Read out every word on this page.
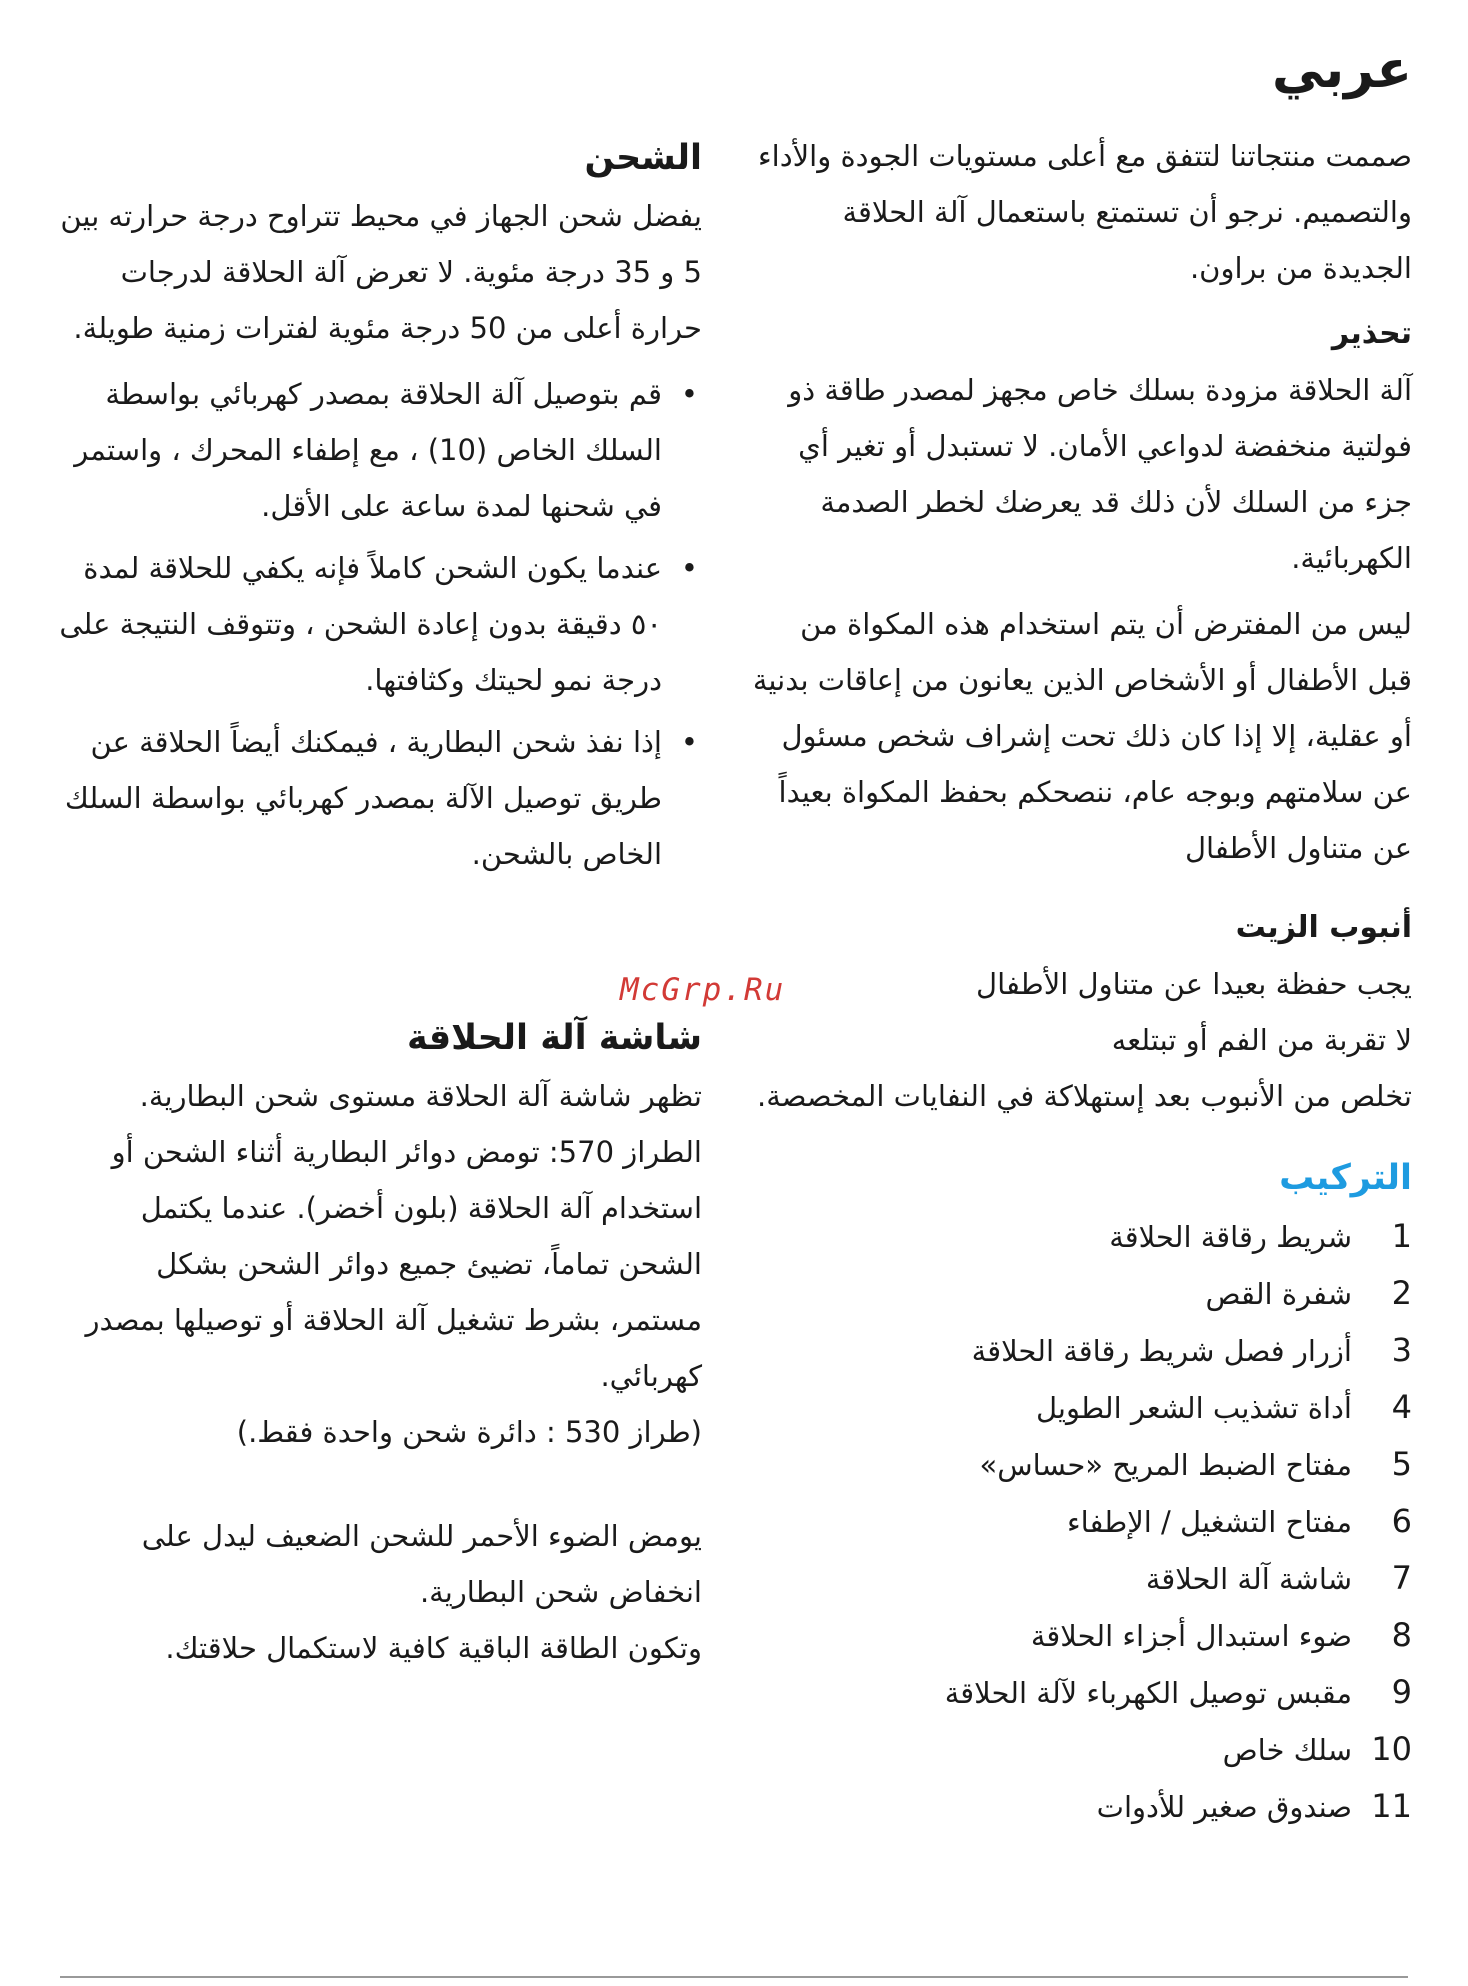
عربي

صممت منتجاتنا لتتفق مع أعلى مستويات الجودة والأداء والتصميم. نرجو أن تستمتع باستعمال آلة الحلاقة الجديدة من براون.

تحذير

آلة الحلاقة مزودة بسلك خاص مجهز لمصدر طاقة ذو فولتية منخفضة لدواعي الأمان. لا تستبدل أو تغير أي جزء من السلك لأن ذلك قد يعرضك لخطر الصدمة الكهربائية.

ليس من المفترض أن يتم استخدام هذه المكواة من قبل الأطفال أو الأشخاص الذين يعانون من إعاقات بدنية أو عقلية، إلا إذا كان ذلك تحت إشراف شخص مسئول عن سلامتهم وبوجه عام، ننصحكم بحفظ المكواة بعيداً عن متناول الأطفال

أنبوب الزيت

يجب حفظة بعيدا عن متناول الأطفال

لا تقربة من الفم أو تبتلعه

تخلص من الأنبوب بعد إستهلاكة في النفايات المخصصة.

التركيب

1
شريط رقاقة الحلاقة
2
شفرة القص
3
أزرار فصل شريط رقاقة الحلاقة
4
أداة تشذيب الشعر الطويل
5
مفتاح الضبط المريح «حساس»
6
مفتاح التشغيل / الإطفاء
7
شاشة آلة الحلاقة
8
ضوء استبدال أجزاء الحلاقة
9
مقبس توصيل الكهرباء لآلة الحلاقة
10
سلك خاص
11
صندوق صغير للأدوات

الشحن

يفضل شحن الجهاز في محيط تتراوح درجة حرارته بين 5 و 35 درجة مئوية. لا تعرض آلة الحلاقة لدرجات حرارة أعلى من 50 درجة مئوية لفترات زمنية طويلة.

• قم بتوصيل آلة الحلاقة بمصدر كهربائي بواسطة السلك الخاص (10) ، مع إطفاء المحرك ، واستمر في شحنها لمدة ساعة على الأقل.
• عندما يكون الشحن كاملاً فإنه يكفي للحلاقة لمدة ٥٠ دقيقة بدون إعادة الشحن ، وتتوقف النتيجة على درجة نمو لحيتك وكثافتها.
• إذا نفذ شحن البطارية ، فيمكنك أيضاً الحلاقة عن طريق توصيل الآلة بمصدر كهربائي بواسطة السلك الخاص بالشحن.

شاشة آلة الحلاقة

تظهر شاشة آلة الحلاقة مستوى شحن البطارية.

الطراز 570: تومض دوائر البطارية أثناء الشحن أو استخدام آلة الحلاقة (بلون أخضر). عندما يكتمل الشحن تماماً، تضيئ جميع دوائر الشحن بشكل مستمر، بشرط تشغيل آلة الحلاقة أو توصيلها بمصدر كهربائي.

(طراز 530 : دائرة شحن واحدة فقط.)

يومض الضوء الأحمر للشحن الضعيف ليدل على انخفاض شحن البطارية.

وتكون الطاقة الباقية كافية لاستكمال حلاقتك.

McGrp.Ru
